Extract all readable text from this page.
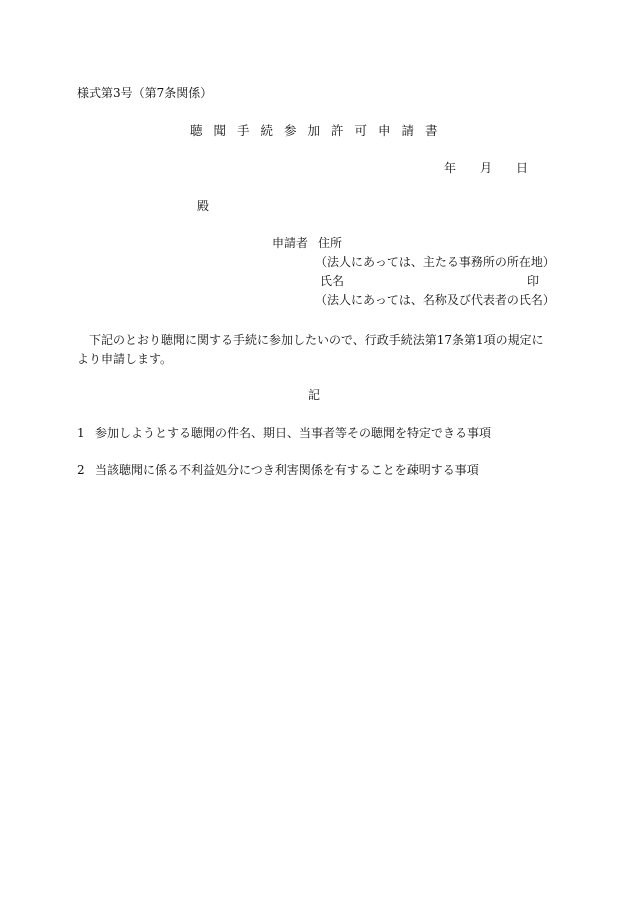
様式第3号（第7条関係）
聴聞手続参加許可申請書
年 月 日
殿
申請者 住所
（法人にあっては、主たる事務所の所在地）
氏名	印
（法人にあっては、名称及び代表者の氏名）
下記のとおり聴聞に関する手続に参加したいので、行政手続法第17条第1項の規定により申請します。
記
1 参加しようとする聴聞の件名、期日、当事者等その聴聞を特定できる事項
2 当該聴聞に係る不利益処分につき利害関係を有することを疎明する事項
